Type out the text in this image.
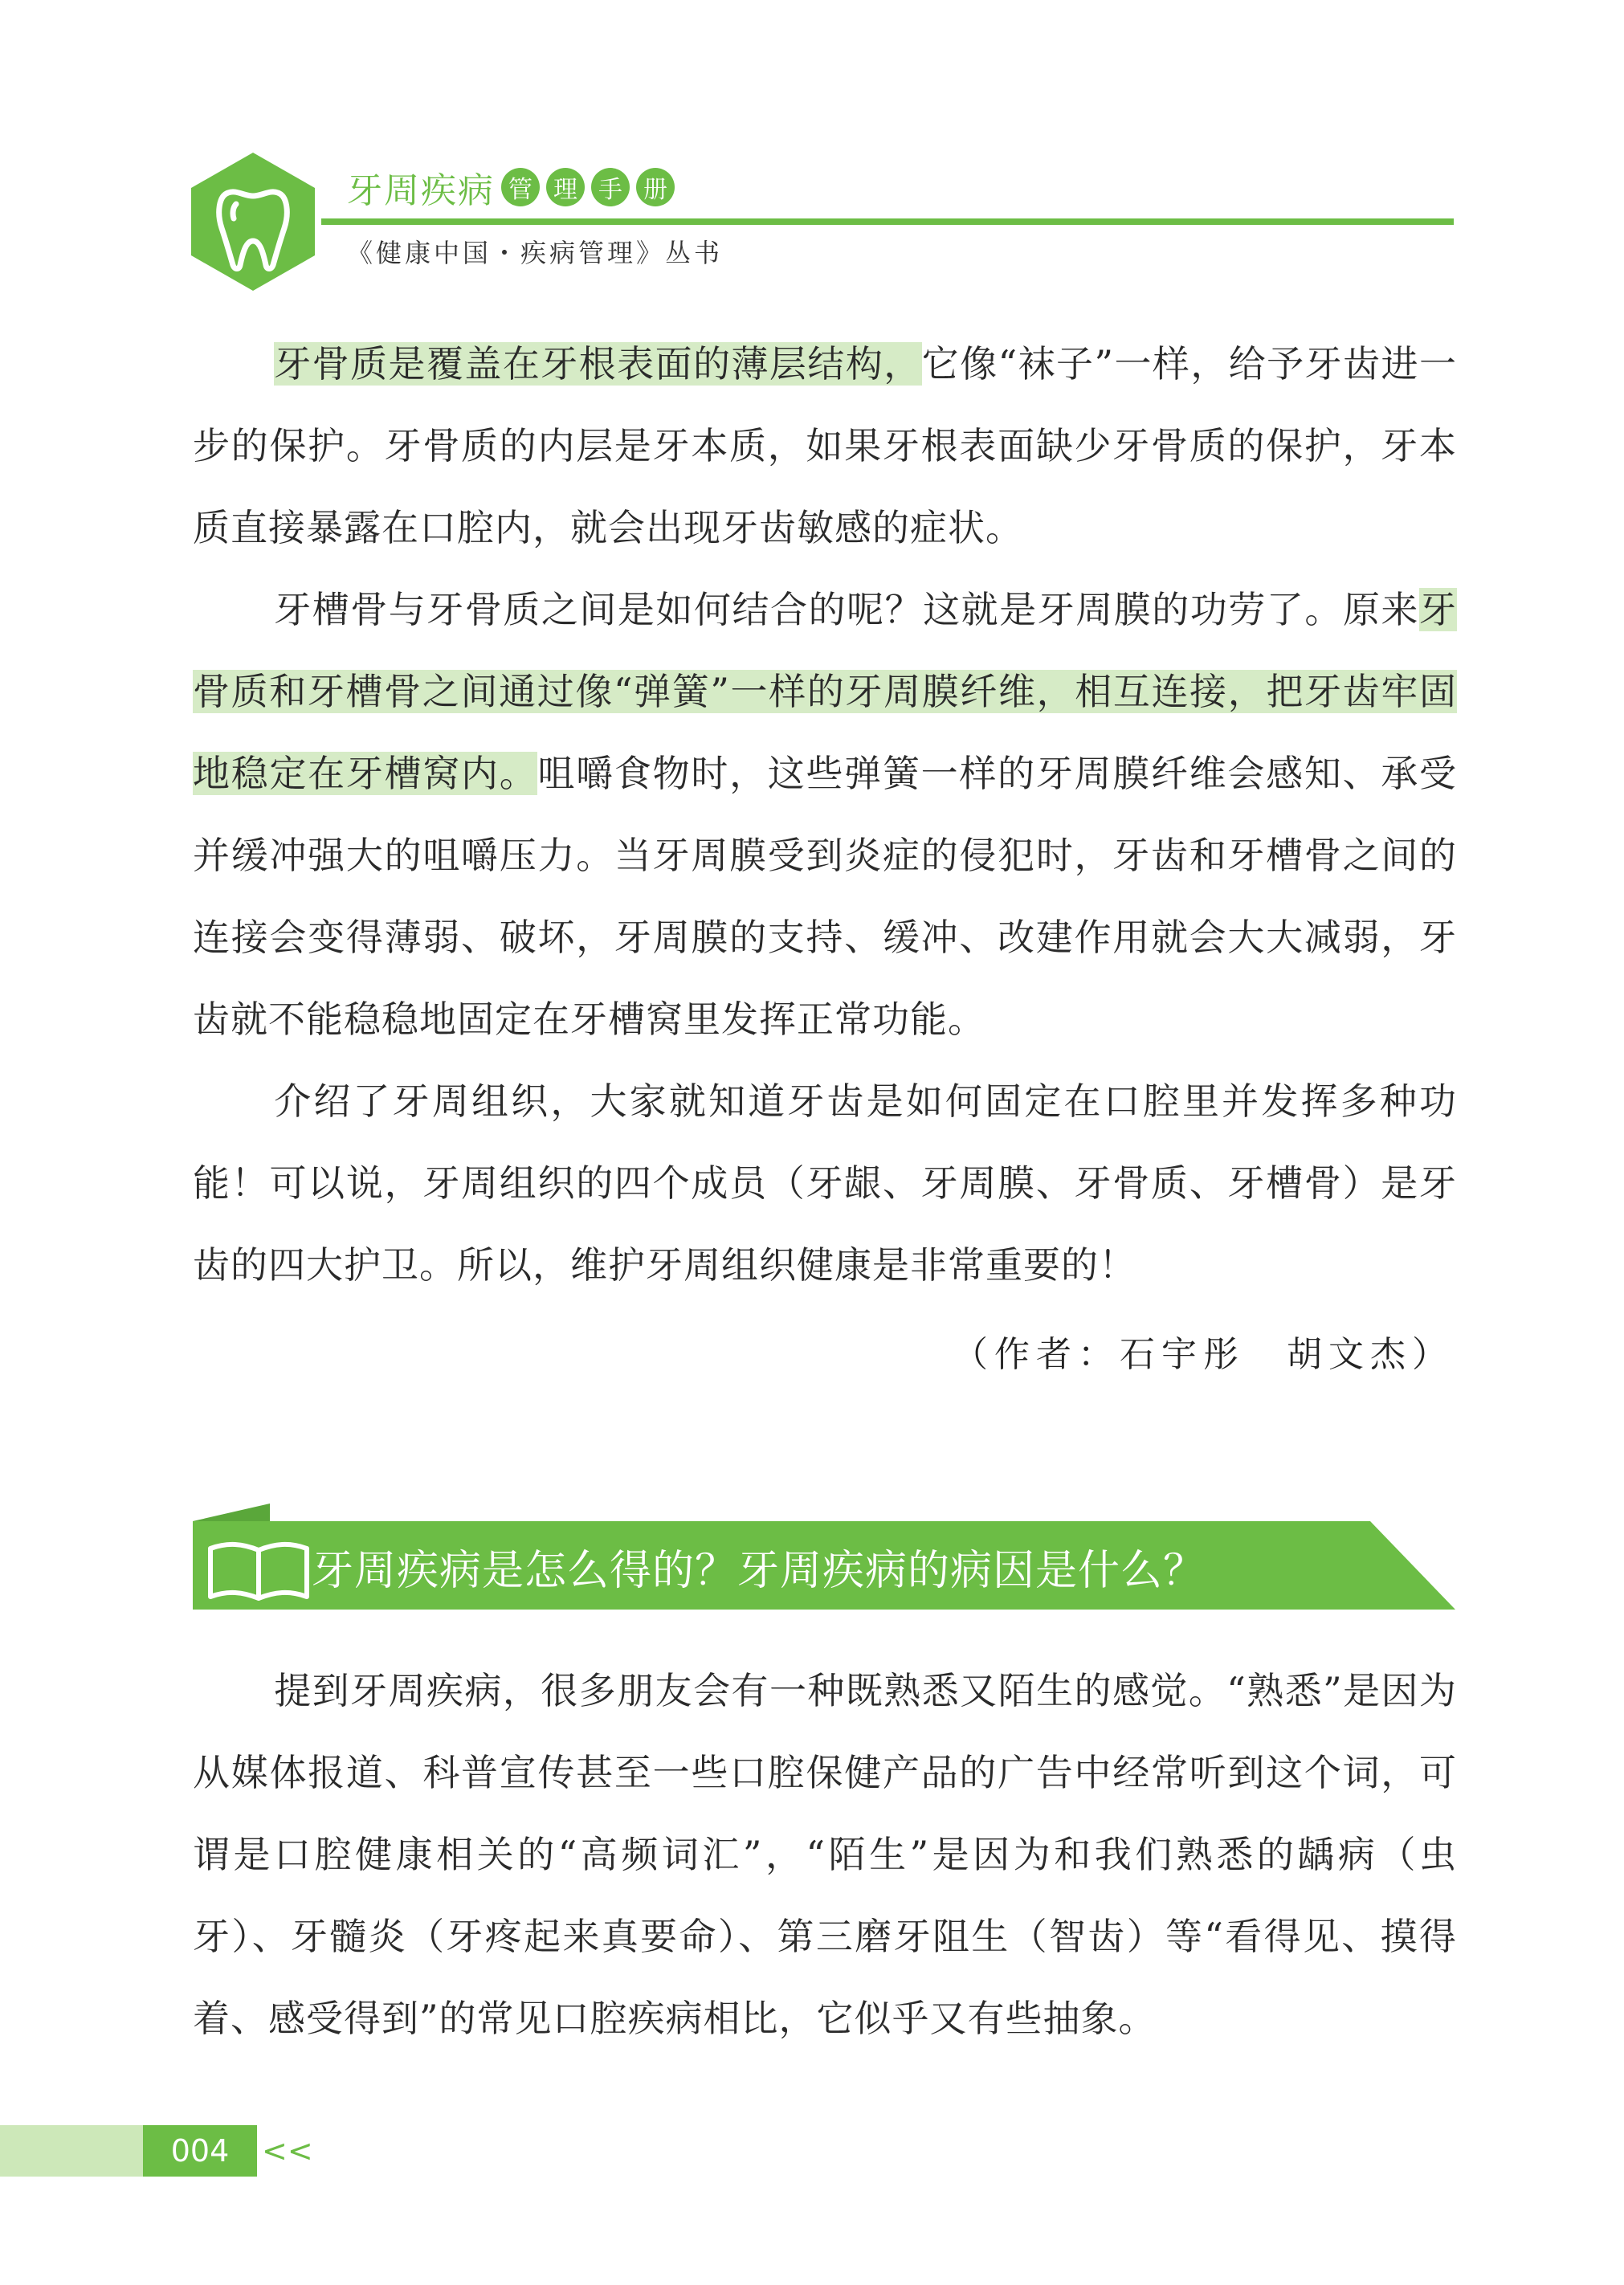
牙周疾病 管 理 手 册
《健康中国・疾病管理》丛书

牙骨质是覆盖在牙根表面的薄层结构，它像“袜子”一样，给予牙齿进一步的保护。牙骨质的内层是牙本质，如果牙根表面缺少牙骨质的保护，牙本质直接暴露在口腔内，就会出现牙齿敏感的症状。

牙槽骨与牙骨质之间是如何结合的呢？这就是牙周膜的功劳了。原来牙骨质和牙槽骨之间通过像“弹簧”一样的牙周膜纤维，相互连接，把牙齿牢固地稳定在牙槽窝内。咀嚼食物时，这些弹簧一样的牙周膜纤维会感知、承受并缓冲强大的咀嚼压力。当牙周膜受到炎症的侵犯时，牙齿和牙槽骨之间的连接会变得薄弱、破坏，牙周膜的支持、缓冲、改建作用就会大大减弱，牙齿就不能稳稳地固定在牙槽窝里发挥正常功能。

介绍了牙周组织，大家就知道牙齿是如何固定在口腔里并发挥多种功能！可以说，牙周组织的四个成员（牙龈、牙周膜、牙骨质、牙槽骨）是牙齿的四大护卫。所以，维护牙周组织健康是非常重要的！

（作者：石宇彤　胡文杰）
牙周疾病是怎么得的？牙周疾病的病因是什么？

提到牙周疾病，很多朋友会有一种既熟悉又陌生的感觉。“熟悉”是因为从媒体报道、科普宣传甚至一些口腔保健产品的广告中经常听到这个词，可谓是口腔健康相关的“高频词汇”，“陌生”是因为和我们熟悉的龋病（虫牙）、牙髓炎（牙疼起来真要命）、第三磨牙阻生（智齿）等“看得见、摸得着、感受得到”的常见口腔疾病相比，它似乎又有些抽象。

004	<<
